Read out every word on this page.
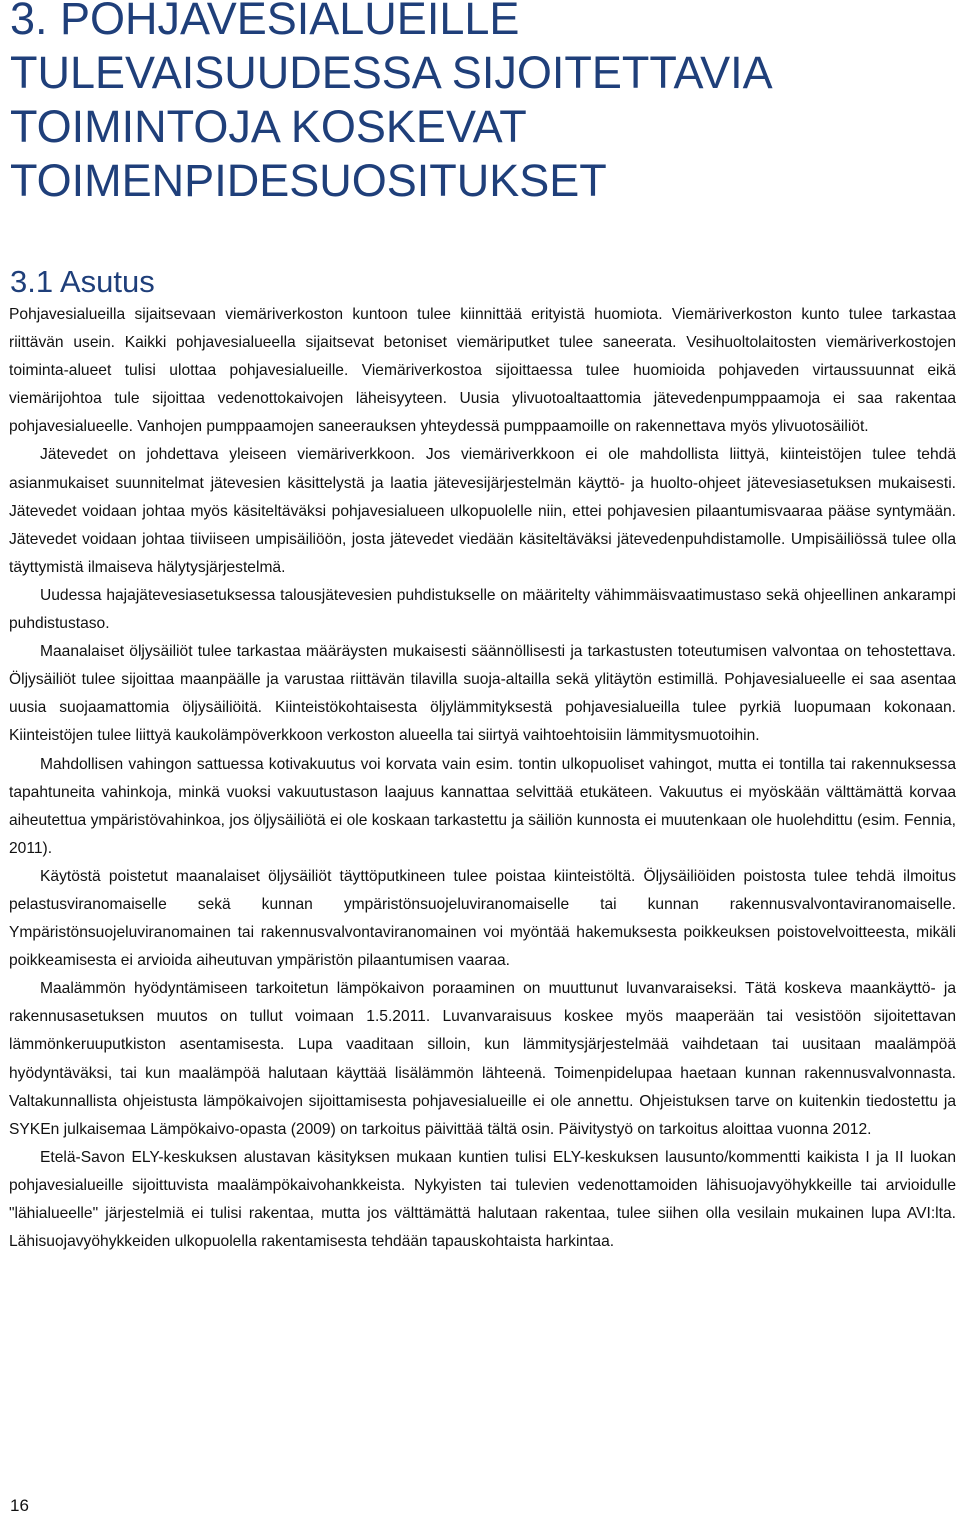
3. POHJAVESIALUEILLE TULEVAISUUDESSA SIJOITETTAVIA TOIMINTOJA KOSKEVAT TOIMENPIDESUOSITUKSET
3.1 Asutus

Pohjavesialueilla sijaitsevaan viemäriverkoston kuntoon tulee kiinnittää erityistä huomiota. Viemäriverkoston kunto tulee tarkastaa riittävän usein. Kaikki pohjavesialueella sijaitsevat betoniset viemäriputket tulee saneerata. Vesihuoltolaitosten viemäriverkostojen toiminta-alueet tulisi ulottaa pohjavesialueille. Viemäriverkostoa sijoittaessa tulee huomioida pohjaveden virtaussuunnat eikä viemärijohtoa tule sijoittaa vedenottokaivojen läheisyyteen. Uusia ylivuotoaltaattomia jätevedenpumppaamoja ei saa rakentaa pohjavesialueelle. Vanhojen pumppaamojen saneerauksen yhteydessä pumppaamoille on rakennettava myös ylivuotosäiliöt.

Jätevedet on johdettava yleiseen viemäriverkkoon. Jos viemäriverkkoon ei ole mahdollista liittyä, kiinteistöjen tulee tehdä asianmukaiset suunnitelmat jätevesien käsittelystä ja laatia jätevesijärjestelmän käyttö- ja huolto-ohjeet jätevesiasetuksen mukaisesti. Jätevedet voidaan johtaa myös käsiteltäväksi pohjavesialueen ulkopuolelle niin, ettei pohjavesien pilaantumisvaaraa pääse syntymään. Jätevedet voidaan johtaa tiiviiseen umpisäiliöön, josta jätevedet viedään käsiteltäväksi jätevedenpuhdistamolle. Umpisäiliössä tulee olla täyttymistä ilmaiseva hälytysjärjestelmä.

Uudessa hajajätevesiasetuksessa talousjätevesien puhdistukselle on määritelty vähimmäisvaatimustaso sekä ohjeellinen ankarampi puhdistustaso.

Maanalaiset öljysäiliöt tulee tarkastaa määräysten mukaisesti säännöllisesti ja tarkastusten toteutumisen valvontaa on tehostettava. Öljysäiliöt tulee sijoittaa maanpäälle ja varustaa riittävän tilavilla suoja-altailla sekä ylitäytön estimillä. Pohjavesialueelle ei saa asentaa uusia suojaamattomia öljysäiliöitä. Kiinteistökohtaisesta öljylämmityksestä pohjavesialueilla tulee pyrkiä luopumaan kokonaan. Kiinteistöjen tulee liittyä kaukolämpöverkkoon verkoston alueella tai siirtyä vaihtoehtoisiin lämmitysmuotoihin.

Mahdollisen vahingon sattuessa kotivakuutus voi korvata vain esim. tontin ulkopuoliset vahingot, mutta ei tontilla tai rakennuksessa tapahtuneita vahinkoja, minkä vuoksi vakuutustason laajuus kannattaa selvittää etukäteen. Vakuutus ei myöskään välttämättä korvaa aiheutettua ympäristövahinkoa, jos öljysäiliötä ei ole koskaan tarkastettu ja säiliön kunnosta ei muutenkaan ole huolehdittu (esim. Fennia, 2011).

Käytöstä poistetut maanalaiset öljysäiliöt täyttöputkineen tulee poistaa kiinteistöltä. Öljysäiliöiden poistosta tulee tehdä ilmoitus pelastusviranomaiselle sekä kunnan ympäristönsuojeluviranomaiselle tai kunnan rakennusvalvontaviranomaiselle. Ympäristönsuojeluviranomainen tai rakennusvalvontaviranomainen voi myöntää hakemuksesta poikkeuksen poistovelvoitteesta, mikäli poikkeamisesta ei arvioida aiheutuvan ympäristön pilaantumisen vaaraa.

Maalämmön hyödyntämiseen tarkoitetun lämpökaivon poraaminen on muuttunut luvanvaraiseksi. Tätä koskeva maankäyttö- ja rakennusasetuksen muutos on tullut voimaan 1.5.2011. Luvanvaraisuus koskee myös maaperään tai vesistöön sijoitettavan lämmönkeruuputkiston asentamisesta. Lupa vaaditaan silloin, kun lämmitysjärjestelmää vaihdetaan tai uusitaan maalämpöä hyödyntäväksi, tai kun maalämpöä halutaan käyttää lisälämmön lähteenä. Toimenpidelupaa haetaan kunnan rakennusvalvonnasta. Valtakunnallista ohjeistusta lämpökaivojen sijoittamisesta pohjavesialueille ei ole annettu. Ohjeistuksen tarve on kuitenkin tiedostettu ja SYKEn julkaisemaa Lämpökaivo-opasta (2009) on tarkoitus päivittää tältä osin. Päivitystyö on tarkoitus aloittaa vuonna 2012.

Etelä-Savon ELY-keskuksen alustavan käsityksen mukaan kuntien tulisi ELY-keskuksen lausunto/kommentti kaikista I ja II luokan pohjavesialueille sijoittuvista maalämpökaivohankkeista. Nykyisten tai tulevien vedenottamoiden lähisuojavyöhykkeille tai arvioidulle "lähialueelle" järjestelmiä ei tulisi rakentaa, mutta jos välttämättä halutaan rakentaa, tulee siihen olla vesilain mukainen lupa AVI:lta. Lähisuojavyöhykkeiden ulkopuolella rakentamisesta tehdään tapauskohtaista harkintaa.

16
